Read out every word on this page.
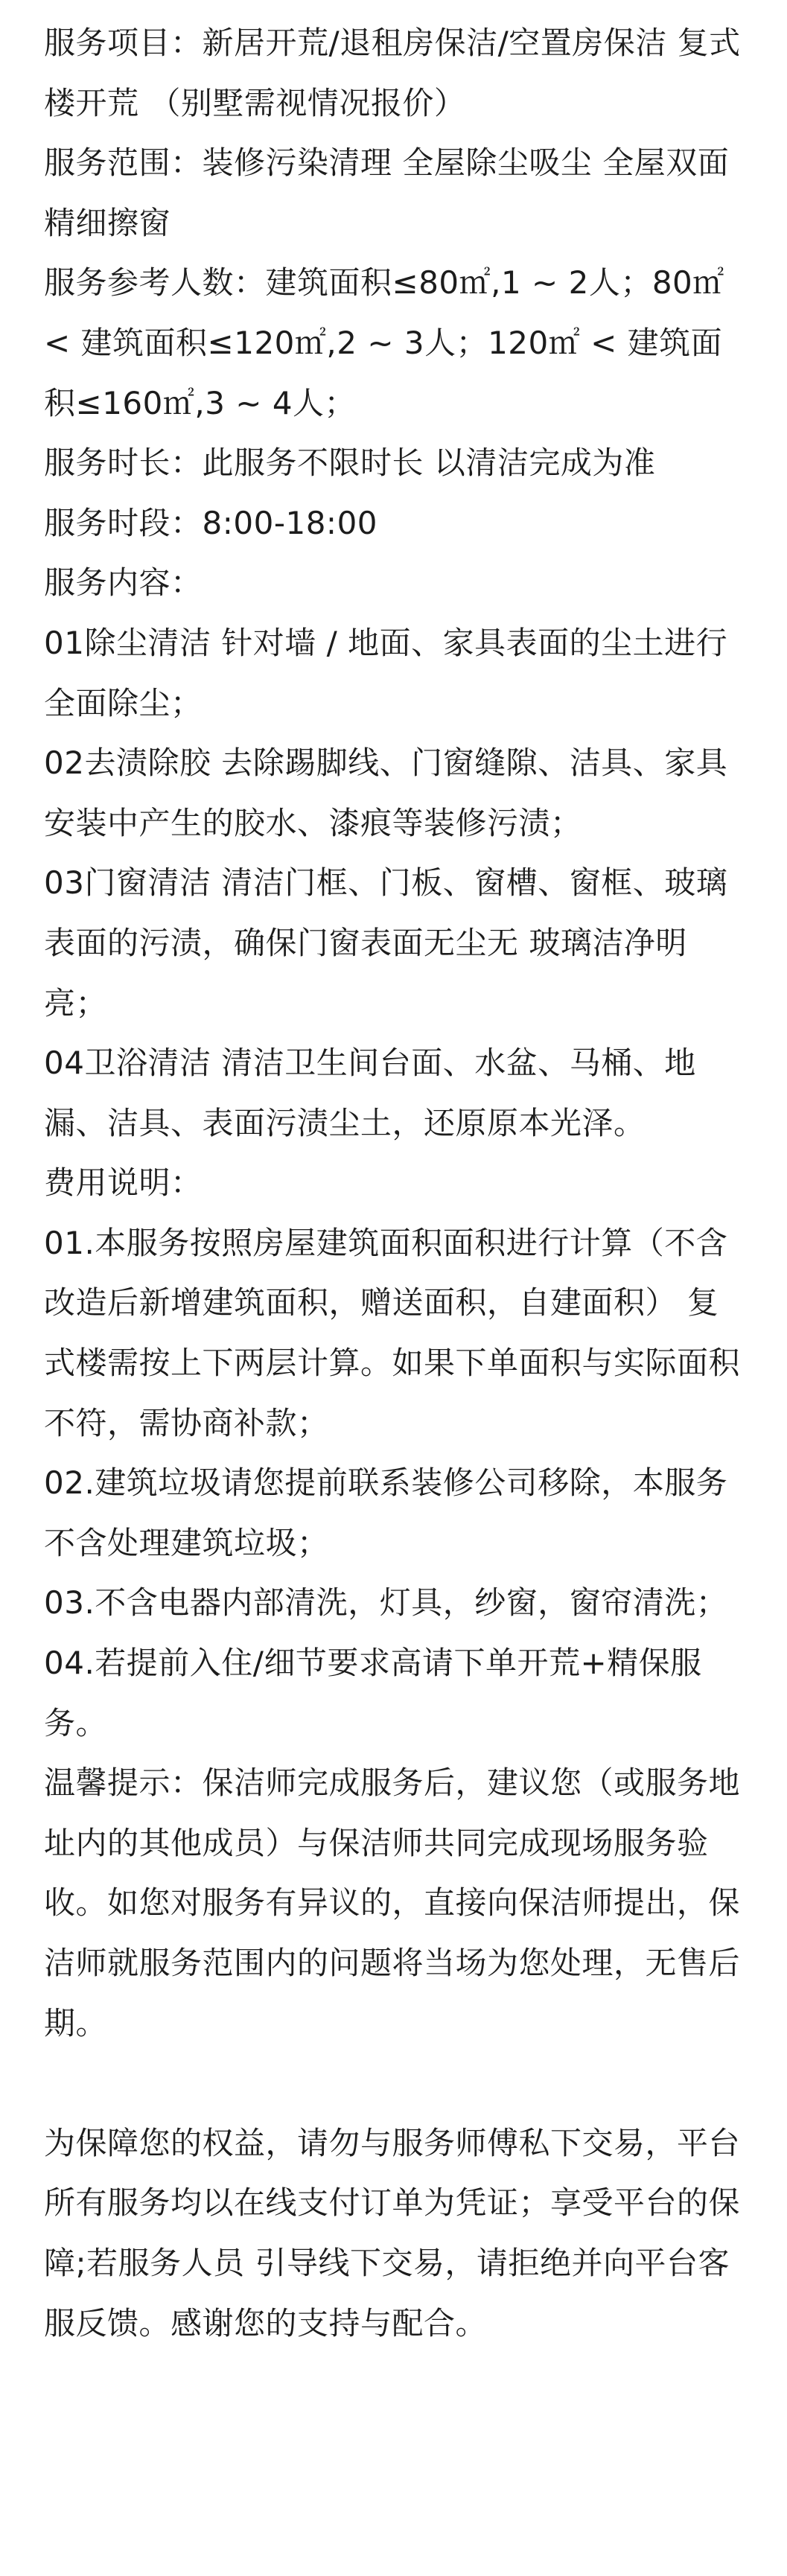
服务项目：新居开荒/退租房保洁/空置房保洁 复式楼开荒 （别墅需视情况报价）

服务范围：装修污染清理 全屋除尘吸尘 全屋双面精细擦窗

服务参考人数：建筑面积≤80㎡,1 ~ 2人；80㎡ < 建筑面积≤120㎡,2 ~ 3人；120㎡ < 建筑面积≤160㎡,3 ~ 4人；

服务时长：此服务不限时长 以清洁完成为准

服务时段：8:00-18:00

服务内容：

01除尘清洁 针对墙 / 地面、家具表面的尘土进行全面除尘；

02去渍除胶 去除踢脚线、门窗缝隙、洁具、家具安装中产生的胶水、漆痕等装修污渍；

03门窗清洁 清洁门框、门板、窗槽、窗框、玻璃表面的污渍，确保门窗表面无尘无 玻璃洁净明亮；

04卫浴清洁 清洁卫生间台面、水盆、马桶、地漏、洁具、表面污渍尘土，还原原本光泽。

费用说明：

01.本服务按照房屋建筑面积面积进行计算（不含改造后新增建筑面积，赠送面积，自建面积） 复式楼需按上下两层计算。如果下单面积与实际面积不符，需协商补款；

02.建筑垃圾请您提前联系装修公司移除，本服务不含处理建筑垃圾；

03.不含电器内部清洗，灯具，纱窗，窗帘清洗；

04.若提前入住/细节要求高请下单开荒+精保服务。

温馨提示：保洁师完成服务后，建议您（或服务地址内的其他成员）与保洁师共同完成现场服务验收。如您对服务有异议的，直接向保洁师提出，保洁师就服务范围内的问题将当场为您处理，无售后期。

为保障您的权益，请勿与服务师傅私下交易，平台所有服务均以在线支付订单为凭证；享受平台的保障;若服务人员 引导线下交易，请拒绝并向平台客服反馈。感谢您的支持与配合。
